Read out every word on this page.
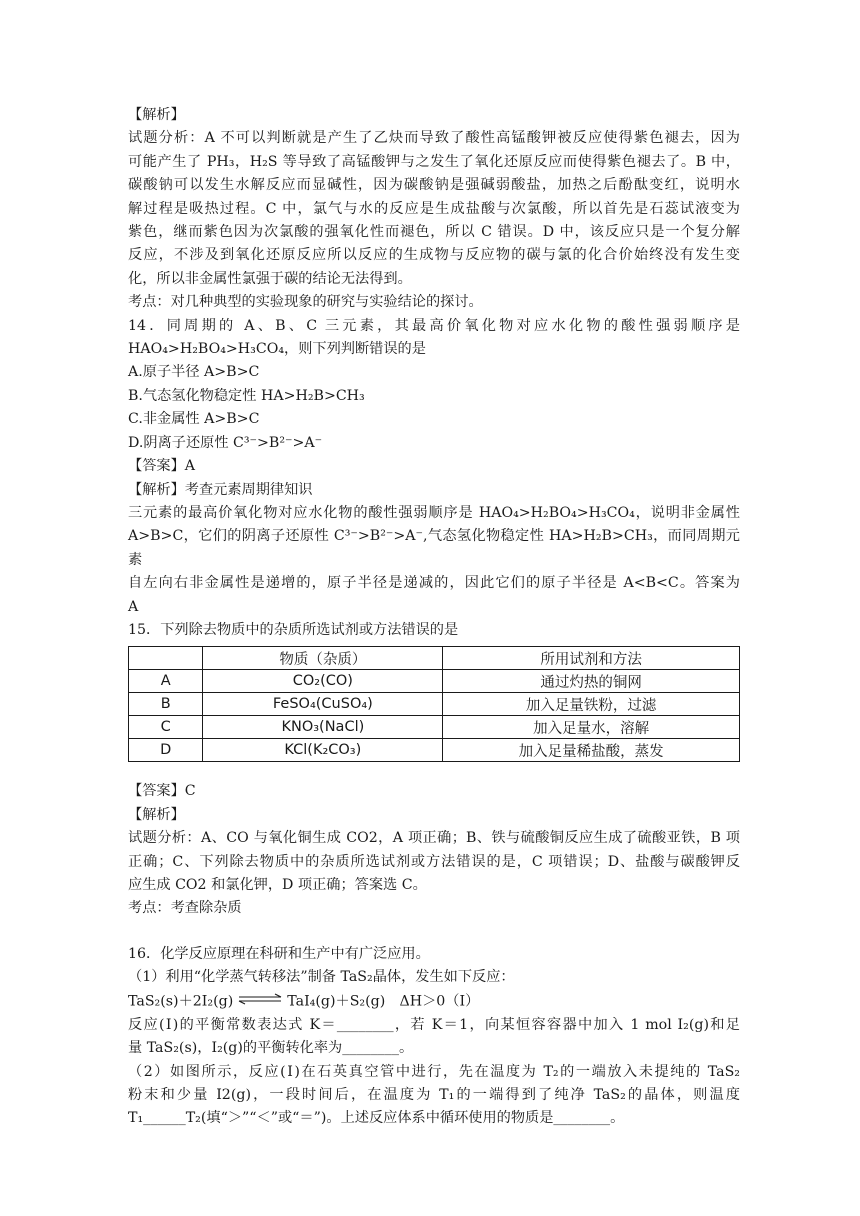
【解析】
试题分析：A 不可以判断就是产生了乙炔而导致了酸性高锰酸钾被反应使得紫色褪去，因为
可能产生了 PH₃，H₂S 等导致了高锰酸钾与之发生了氧化还原反应而使得紫色褪去了。B 中，
碳酸钠可以发生水解反应而显碱性，因为碳酸钠是强碱弱酸盐，加热之后酚酞变红，说明水
解过程是吸热过程。C 中，氯气与水的反应是生成盐酸与次氯酸，所以首先是石蕊试液变为
紫色，继而紫色因为次氯酸的强氧化性而褪色，所以 C 错误。D 中，该反应只是一个复分解
反应，不涉及到氧化还原反应所以反应的生成物与反应物的碳与氯的化合价始终没有发生变
化，所以非金属性氯强于碳的结论无法得到。
考点：对几种典型的实验现象的研究与实验结论的探讨。
14．同周期的 A、B、C 三元素，其最高价氧化物对应水化物的酸性强弱顺序是
HAO₄>H₂BO₄>H₃CO₄，则下列判断错误的是
A.原子半径 A>B>C
B.气态氢化物稳定性 HA>H₂B>CH₃
C.非金属性 A>B>C
D.阴离子还原性 C³⁻>B²⁻>A⁻
【答案】A
【解析】考查元素周期律知识
三元素的最高价氧化物对应水化物的酸性强弱顺序是 HAO₄>H₂BO₄>H₃CO₄，说明非金属性
A>B>C，它们的阴离子还原性 C³⁻>B²⁻>A⁻,气态氢化物稳定性 HA>H₂B>CH₃，而同周期元素
自左向右非金属性是递增的，原子半径是递减的，因此它们的原子半径是 A<B<C。答案为
A
15．下列除去物质中的杂质所选试剂或方法错误的是
	物质（杂质）	所用试剂和方法
A	CO₂(CO)	通过灼热的铜网
B	FeSO₄(CuSO₄)	加入足量铁粉，过滤
C	KNO₃(NaCl)	加入足量水，溶解
D	KCl(K₂CO₃)	加入足量稀盐酸，蒸发
【答案】C
【解析】
试题分析：A、CO 与氧化铜生成 CO2，A 项正确；B、铁与硫酸铜反应生成了硫酸亚铁，B 项
正确；C、下列除去物质中的杂质所选试剂或方法错误的是，C 项错误；D、盐酸与碳酸钾反
应生成 CO2 和氯化钾，D 项正确；答案选 C。
考点：考查除杂质
16．化学反应原理在科研和生产中有广泛应用。
（1）利用“化学蒸气转移法”制备 TaS₂晶体，发生如下反应：
TaS₂(s)＋2I₂(g) ⇌ TaI₄(g)＋S₂(g)　ΔH＞0（Ⅰ）
反应(Ⅰ)的平衡常数表达式 K＝________，若 K＝1，向某恒容容器中加入 1 mol I₂(g)和足
量 TaS₂(s)，I₂(g)的平衡转化率为________。
（2）如图所示，反应(Ⅰ)在石英真空管中进行，先在温度为 T₂的一端放入未提纯的 TaS₂
粉末和少量 I2(g)，一段时间后，在温度为 T₁的一端得到了纯净 TaS₂的晶体，则温度
T₁______T₂(填“＞”“＜”或“＝”)。上述反应体系中循环使用的物质是________。
